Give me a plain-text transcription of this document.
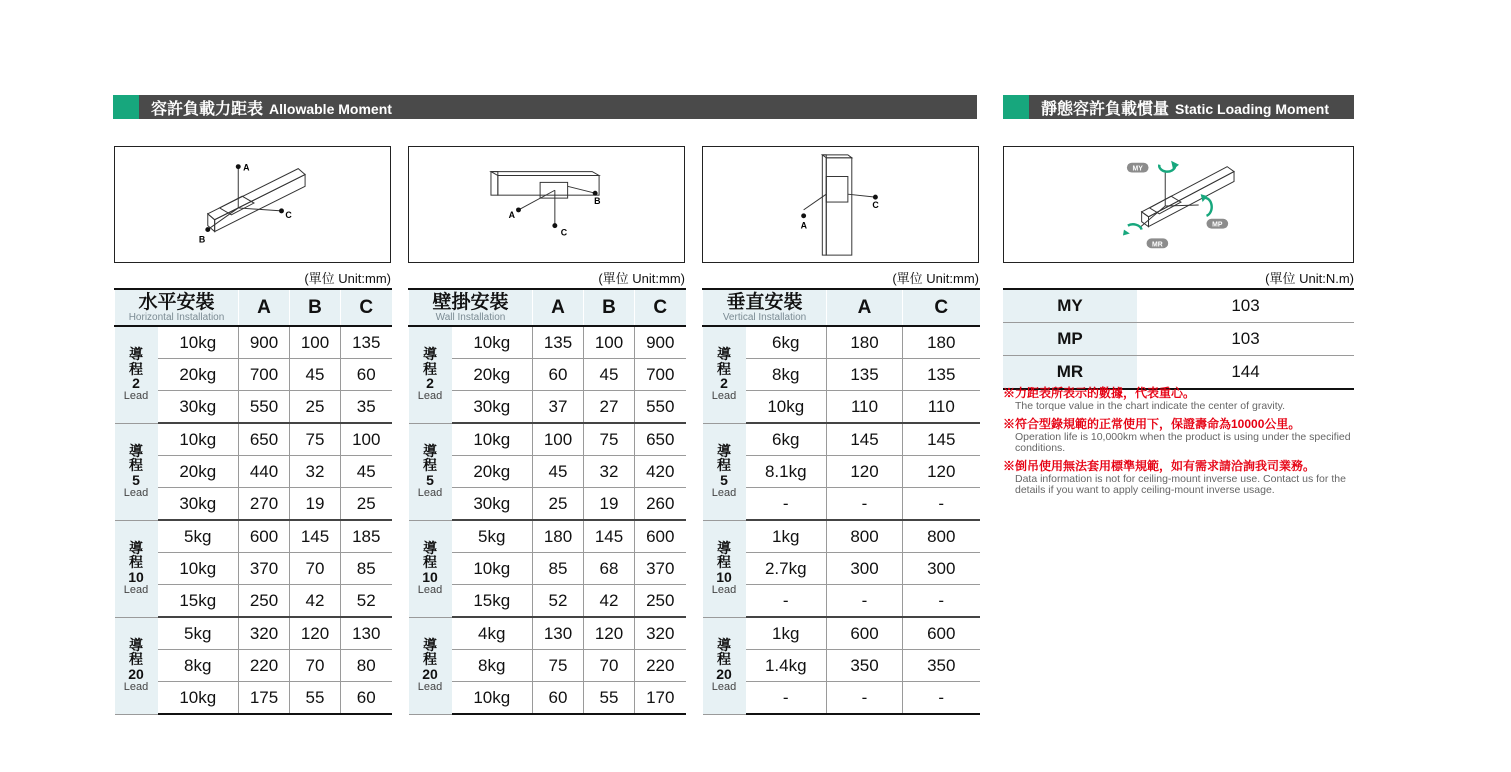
容許負載力距表 Allowable Moment	靜態容許負載慣量 Static Loading Moment
A
C
B
A
B
C
A
C
MY
MP
MR
(單位 Unit:mm)	(單位 Unit:mm)	(單位 Unit:mm)	(單位 Unit:N.m)
水平安裝
Horizontal Installation		A	B	C

導
程
2
Lead	10kg	900	100	135
	20kg	700	45	60
	30kg	550	25	35

導
程
5
Lead	10kg	650	75	100
	20kg	440	32	45
	30kg	270	19	25

導
程
10
Lead	5kg	600	145	185
	10kg	370	70	85
	15kg	250	42	52

導
程
20
Lead	5kg	320	120	130
	8kg	220	70	80
	10kg	175	55	60
壁掛安裝
Wall Installation		A	B	C

導
程
2
Lead	10kg	135	100	900
	20kg	60	45	700
	30kg	37	27	550

導
程
5
Lead	10kg	100	75	650
	20kg	45	32	420
	30kg	25	19	260

導
程
10
Lead	5kg	180	145	600
	10kg	85	68	370
	15kg	52	42	250

導
程
20
Lead	4kg	130	120	320
	8kg	75	70	220
	10kg	60	55	170
垂直安裝
Vertical Installation		A	C

導
程
2
Lead	6kg	180	180
	8kg	135	135
	10kg	110	110

導
程
5
Lead	6kg	145	145
	8.1kg	120	120
	-	-	-

導
程
10
Lead	1kg	800	800
	2.7kg	300	300
	-	-	-

導
程
20
Lead	1kg	600	600
	1.4kg	350	350
	-	-	-
MY	103
MP	103
MR	144
※力距表所表示的數據，代表重心。
The torque value in the chart indicate the center of gravity.
※符合型錄規範的正常使用下，保證壽命為10000公里。
Operation life is 10,000km when the product is using under the specified conditions.
※倒吊使用無法套用標準規範，如有需求請洽詢我司業務。
Data information is not for ceiling-mount inverse use. Contact us for the details if you want to apply ceiling-mount inverse usage.
